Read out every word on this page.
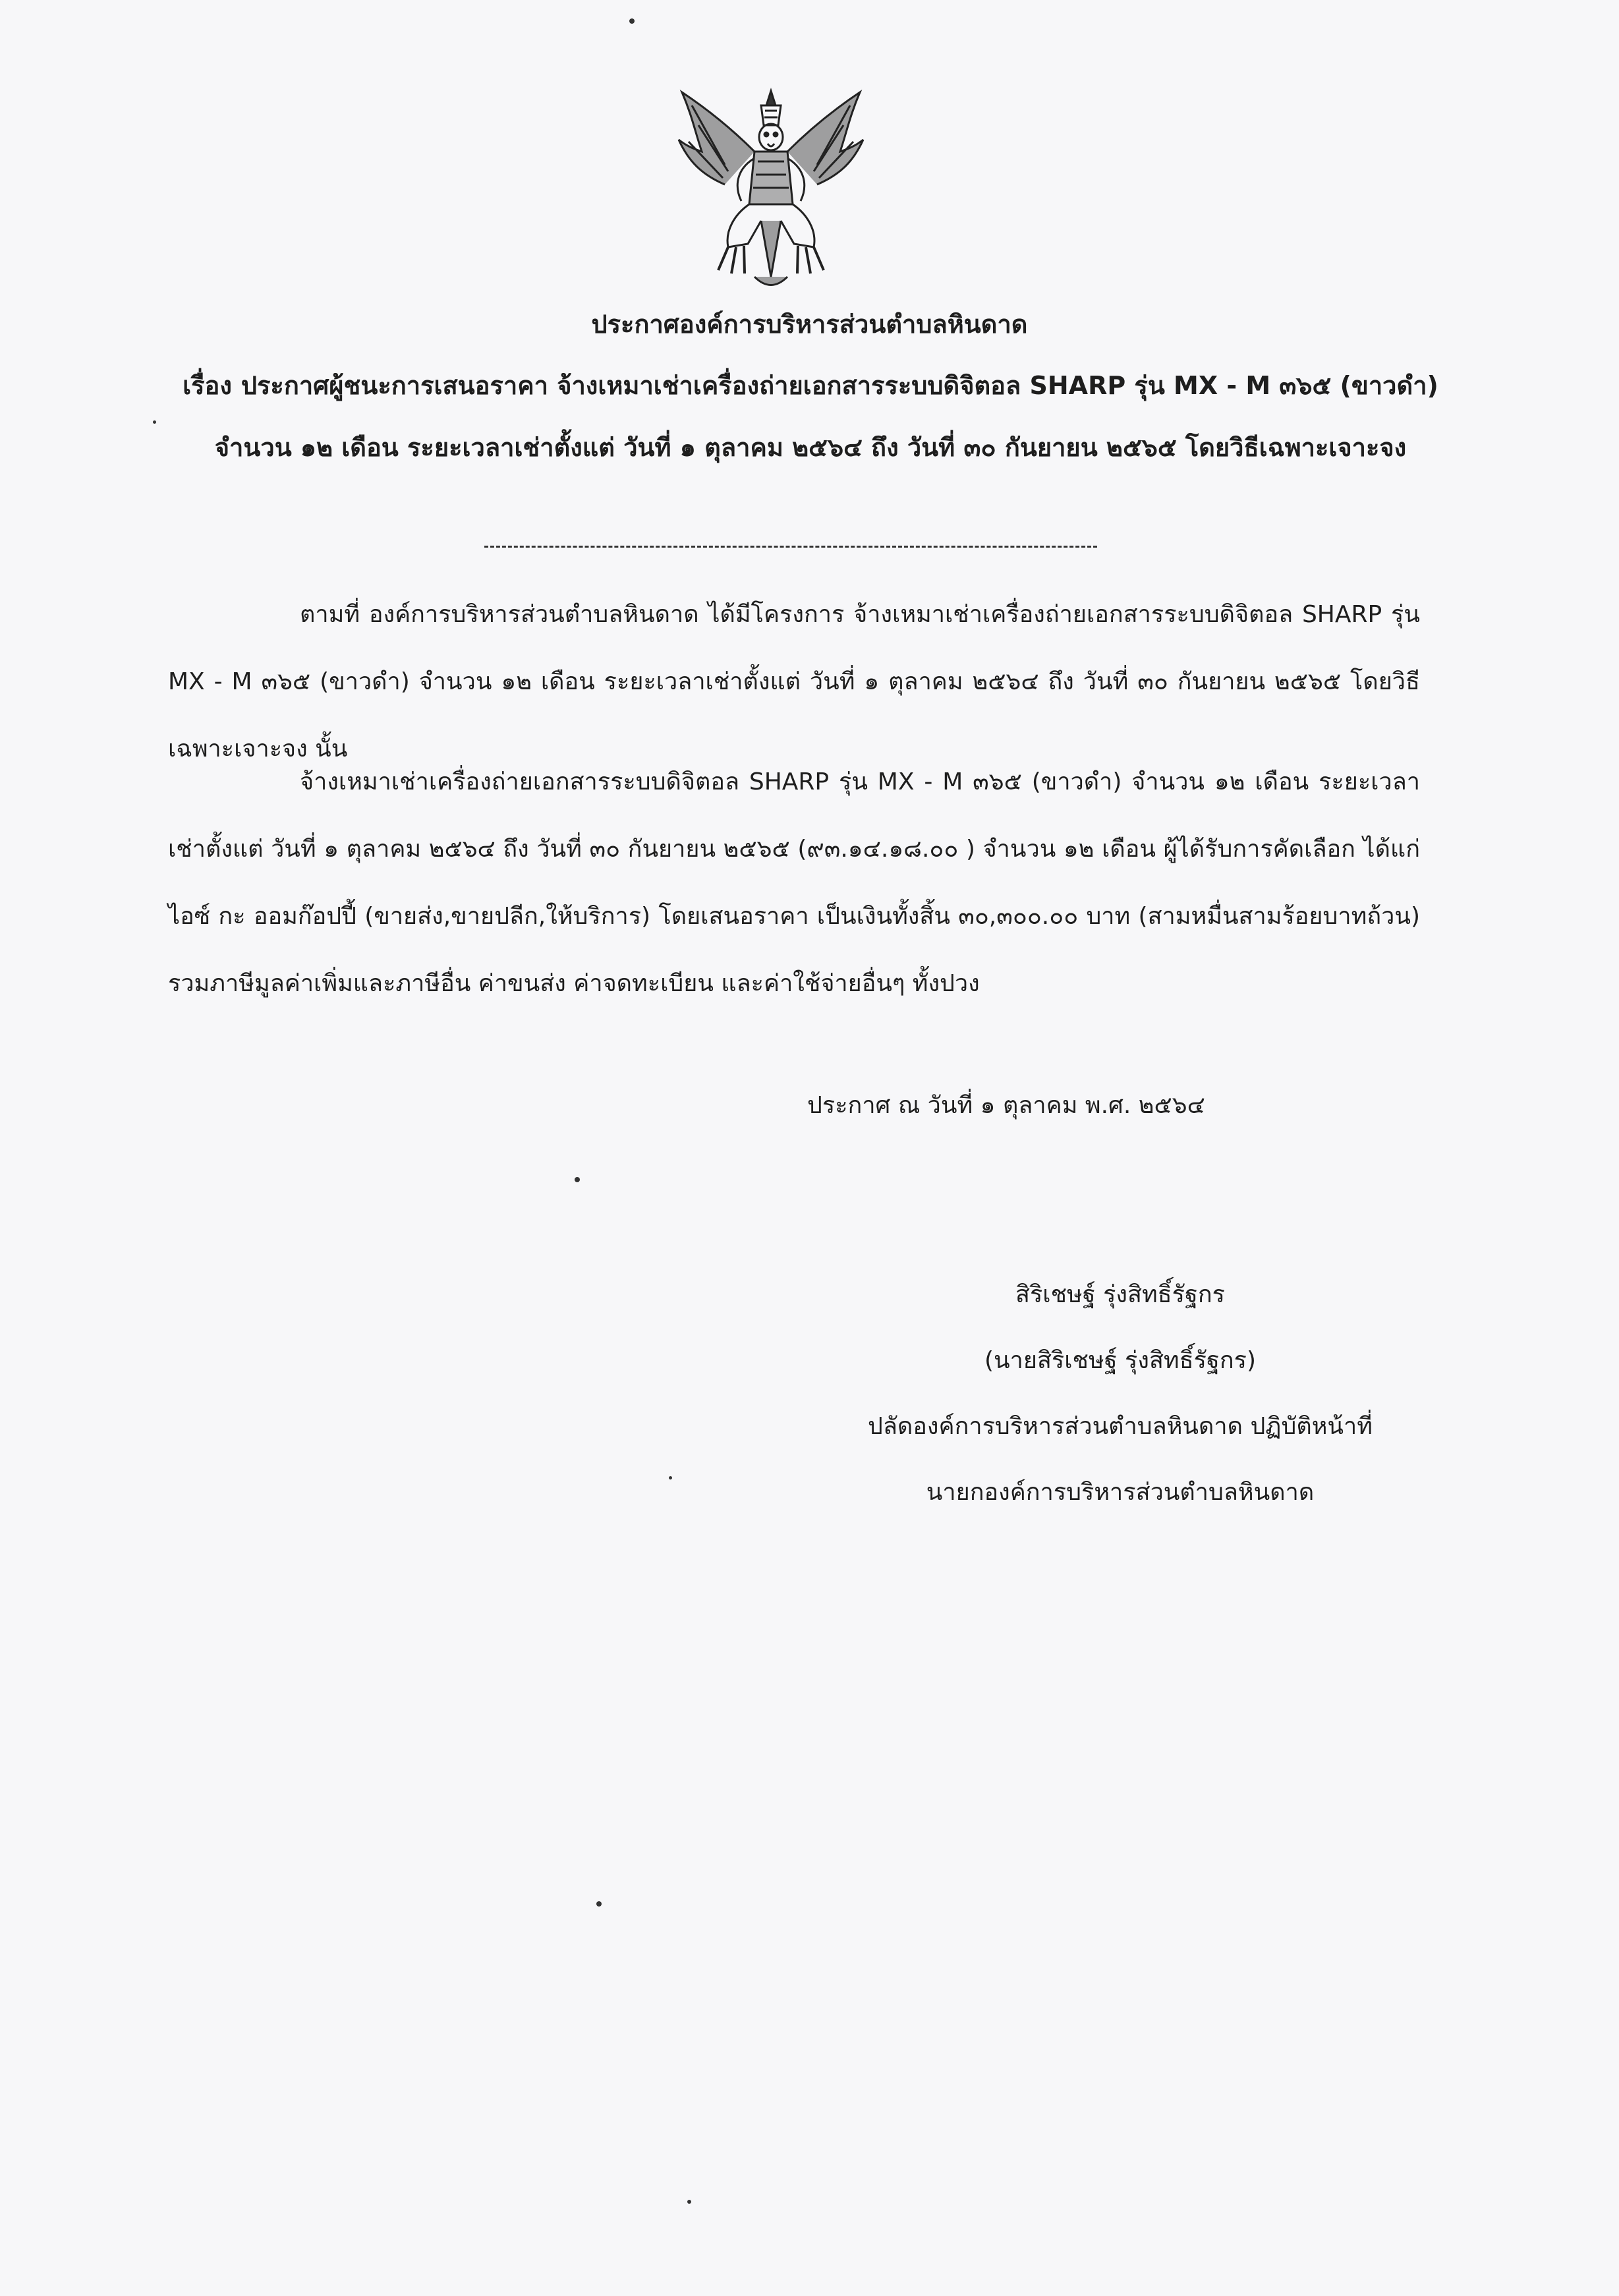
ประกาศองค์การบริหารส่วนตำบลหินดาด
เรื่อง ประกาศผู้ชนะการเสนอราคา จ้างเหมาเช่าเครื่องถ่ายเอกสารระบบดิจิตอล SHARP รุ่น MX - M ๓๖๕ (ขาวดำ) จำนวน ๑๒ เดือน ระยะเวลาเช่าตั้งแต่ วันที่ ๑ ตุลาคม ๒๕๖๔ ถึง วันที่ ๓๐ กันยายน ๒๕๖๕ โดยวิธีเฉพาะเจาะจง
ตามที่ องค์การบริหารส่วนตำบลหินดาด ได้มีโครงการ จ้างเหมาเช่าเครื่องถ่ายเอกสารระบบดิจิตอล SHARP รุ่น MX - M ๓๖๕ (ขาวดำ) จำนวน ๑๒ เดือน ระยะเวลาเช่าตั้งแต่ วันที่ ๑ ตุลาคม ๒๕๖๔ ถึง วันที่ ๓๐ กันยายน ๒๕๖๕ โดยวิธีเฉพาะเจาะจง นั้น
จ้างเหมาเช่าเครื่องถ่ายเอกสารระบบดิจิตอล SHARP รุ่น MX - M ๓๖๕ (ขาวดำ) จำนวน ๑๒ เดือน ระยะเวลาเช่าตั้งแต่ วันที่ ๑ ตุลาคม ๒๕๖๔ ถึง วันที่ ๓๐ กันยายน ๒๕๖๕ (๙๓.๑๔.๑๘.๐๐ ) จำนวน ๑๒ เดือน ผู้ได้รับการคัดเลือก ได้แก่ ไอซ์ กะ ออมก๊อปปี้ (ขายส่ง,ขายปลีก,ให้บริการ) โดยเสนอราคา เป็นเงินทั้งสิ้น ๓๐,๓๐๐.๐๐ บาท (สามหมื่นสามร้อยบาทถ้วน) รวมภาษีมูลค่าเพิ่มและภาษีอื่น ค่าขนส่ง ค่าจดทะเบียน และค่าใช้จ่ายอื่นๆ ทั้งปวง
ประกาศ ณ วันที่ ๑ ตุลาคม พ.ศ. ๒๕๖๔
สิริเชษฐ์ รุ่งสิทธิ์รัฐกร
(นายสิริเชษฐ์ รุ่งสิทธิ์รัฐกร)
ปลัดองค์การบริหารส่วนตำบลหินดาด ปฏิบัติหน้าที่
นายกองค์การบริหารส่วนตำบลหินดาด
